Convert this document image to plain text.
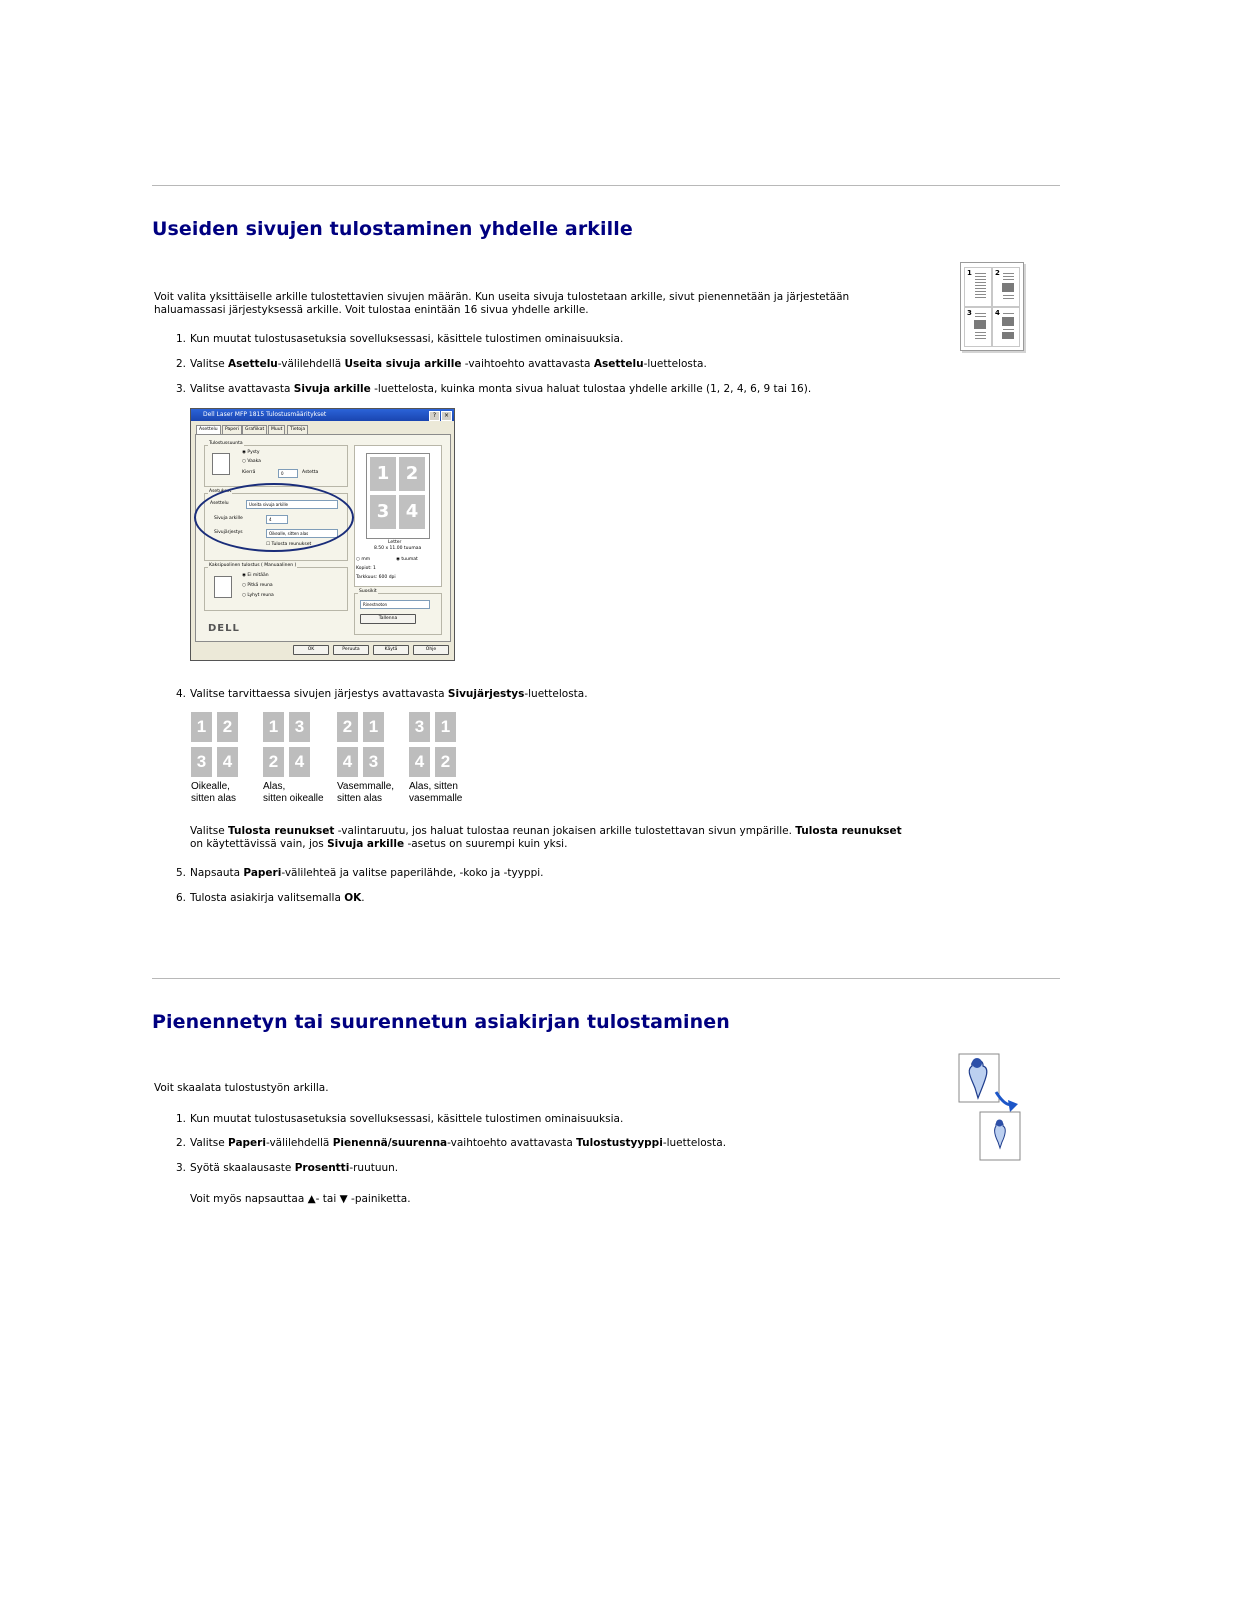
Useiden sivujen tulostaminen yhdelle arkille
1	2
3	4
Voit valita yksittäiselle arkille tulostettavien sivujen määrän. Kun useita sivuja tulostetaan arkille, sivut pienennetään ja järjestetään haluamassasi järjestyksessä arkille. Voit tulostaa enintään 16 sivua yhdelle arkille.
1. Kun muutat tulostusasetuksia sovelluksessasi, käsittele tulostimen ominaisuuksia.
2. Valitse Asettelu-välilehdellä Useita sivuja arkille -vaihtoehto avattavasta Asettelu-luettelosta.
3. Valitse avattavasta Sivuja arkille -luettelosta, kuinka monta sivua haluat tulostaa yhdelle arkille (1, 2, 4, 6, 9 tai 16).
Dell Laser MFP 1815 Tulostusmääritykset	?	×
Asettelu	Paperi	Grafiikat	Muut	Tietoja
Tulostussuunta
◉ Pysty
○ Vaaka
Kierrä	0	Astetta
Asetukset
Asettelu	Useita sivuja arkille
Sivuja arkille	4
Sivujärjestys	Oikealle, sitten alas
☐ Tulosta reunukset
Kaksipuolinen tulostus ( Manuaalinen )
◉ Ei mitään
○ Pitkä reuna
○ Lyhyt reuna
1 2
3 4
Letter
8.50 x 11.00 tuumaa
○ mm	◉ tuumat
Kopiot: 1
Tarkkuus: 600 dpi
Suosikit
Rinestnoton
Tallenna
DELL
OK	Peruuta	Käytä	Ohje
4. Valitse tarvittaessa sivujen järjestys avattavasta Sivujärjestys-luettelosta.
1 2
3 4
Oikealle,
sitten alas
1 3
2 4
Alas,
sitten oikealle
2 1
4 3
Vasemmalle,
sitten alas
3 1
4 2
Alas, sitten
vasemmalle
Valitse Tulosta reunukset -valintaruutu, jos haluat tulostaa reunan jokaisen arkille tulostettavan sivun ympärille. Tulosta reunukset
on käytettävissä vain, jos Sivuja arkille -asetus on suurempi kuin yksi.
5. Napsauta Paperi-välilehteä ja valitse paperilähde, -koko ja -tyyppi.
6. Tulosta asiakirja valitsemalla OK.
Pienennetyn tai suurennetun asiakirjan tulostaminen
Voit skaalata tulostustyön arkilla.
1. Kun muutat tulostusasetuksia sovelluksessasi, käsittele tulostimen ominaisuuksia.
2. Valitse Paperi-välilehdellä Pienennä/suurenna-vaihtoehto avattavasta Tulostustyyppi-luettelosta.
3. Syötä skaalausaste Prosentti-ruutuun.
Voit myös napsauttaa ▲- tai ▼ -painiketta.
